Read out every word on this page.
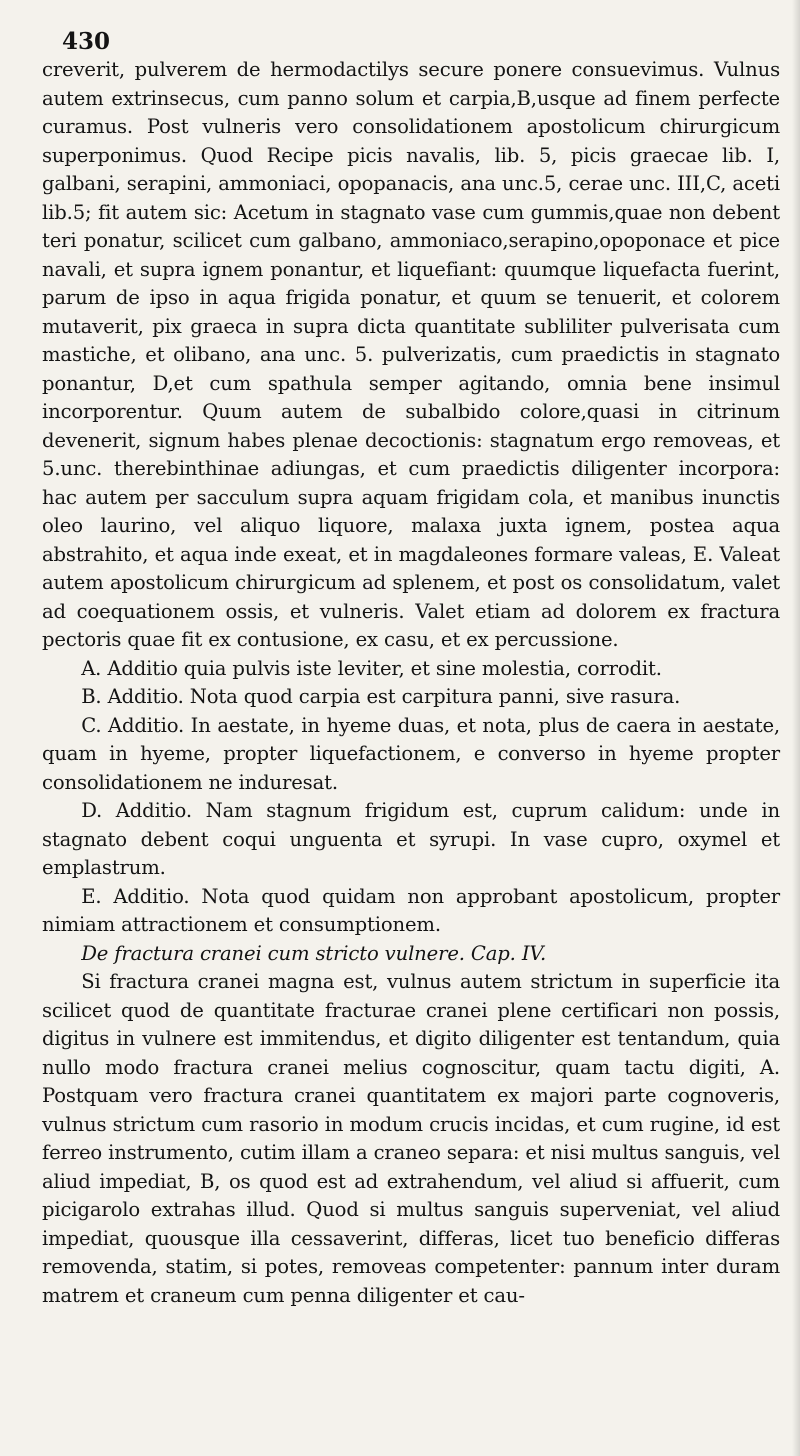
430

creverit, pulverem de hermodactilys secure ponere consuevimus. Vulnus autem extrinsecus, cum panno solum et carpia,B,usque ad finem perfecte curamus. Post vulneris vero consolidationem apostolicum chirurgicum superponimus. Quod Recipe picis navalis, lib. 5, picis graecae lib. I, galbani, serapini, ammoniaci, opopanacis, ana unc.5, cerae unc. III,C, aceti lib.5; fit autem sic: Acetum in stagnato vase cum gummis,quae non debent teri ponatur, scilicet cum galbano, ammoniaco,serapino,opoponace et pice navali, et supra ignem ponantur, et liquefiant: quumque liquefacta fuerint, parum de ipso in aqua frigida ponatur, et quum se tenuerit, et colorem mutaverit, pix graeca in supra dicta quantitate subliliter pulverisata cum mastiche, et olibano, ana unc. 5. pulverizatis, cum praedictis in stagnato ponantur, D,et cum spathula semper agitando, omnia bene insimul incorporentur. Quum autem de subalbido colore,quasi in citrinum devenerit, signum habes plenae decoctionis: stagnatum ergo removeas, et 5.unc. therebinthinae adiungas, et cum praedictis diligenter incorpora: hac autem per sacculum supra aquam frigidam cola, et manibus inunctis oleo laurino, vel aliquo liquore, malaxa juxta ignem, postea aqua abstrahito, et aqua inde exeat, et in magdaleones formare valeas, E. Valeat autem apostolicum chirurgicum ad splenem, et post os consolidatum, valet ad coequationem ossis, et vulneris. Valet etiam ad dolorem ex fractura pectoris quae fit ex contusione, ex casu, et ex percussione.

A. Additio quia pulvis iste leviter, et sine molestia, corrodit.

B. Additio. Nota quod carpia est carpitura panni, sive rasura.

C. Additio. In aestate, in hyeme duas, et nota, plus de caera in aestate, quam in hyeme, propter liquefactionem, e converso in hyeme propter consolidationem ne induresat.

D. Additio. Nam stagnum frigidum est, cuprum calidum: unde in stagnato debent coqui unguenta et syrupi. In vase cupro, oxymel et emplastrum.

E. Additio. Nota quod quidam non approbant apostolicum, propter nimiam attractionem et consumptionem.

De fractura cranei cum stricto vulnere. Cap. IV.

Si fractura cranei magna est, vulnus autem strictum in superficie ita scilicet quod de quantitate fracturae cranei plene certificari non possis, digitus in vulnere est immitendus, et digito diligenter est tentandum, quia nullo modo fractura cranei melius cognoscitur, quam tactu digiti, A. Postquam vero fractura cranei quantitatem ex majori parte cognoveris, vulnus strictum cum rasorio in modum crucis incidas, et cum rugine, id est ferreo instrumento, cutim illam a craneo separa: et nisi multus sanguis, vel aliud impediat, B, os quod est ad extrahendum, vel aliud si affuerit, cum picigarolo extrahas illud. Quod si multus sanguis superveniat, vel aliud impediat, quousque illa cessaverint, differas, licet tuo beneficio differas removenda, statim, si potes, removeas competenter: pannum inter duram matrem et craneum cum penna diligenter et cau-
